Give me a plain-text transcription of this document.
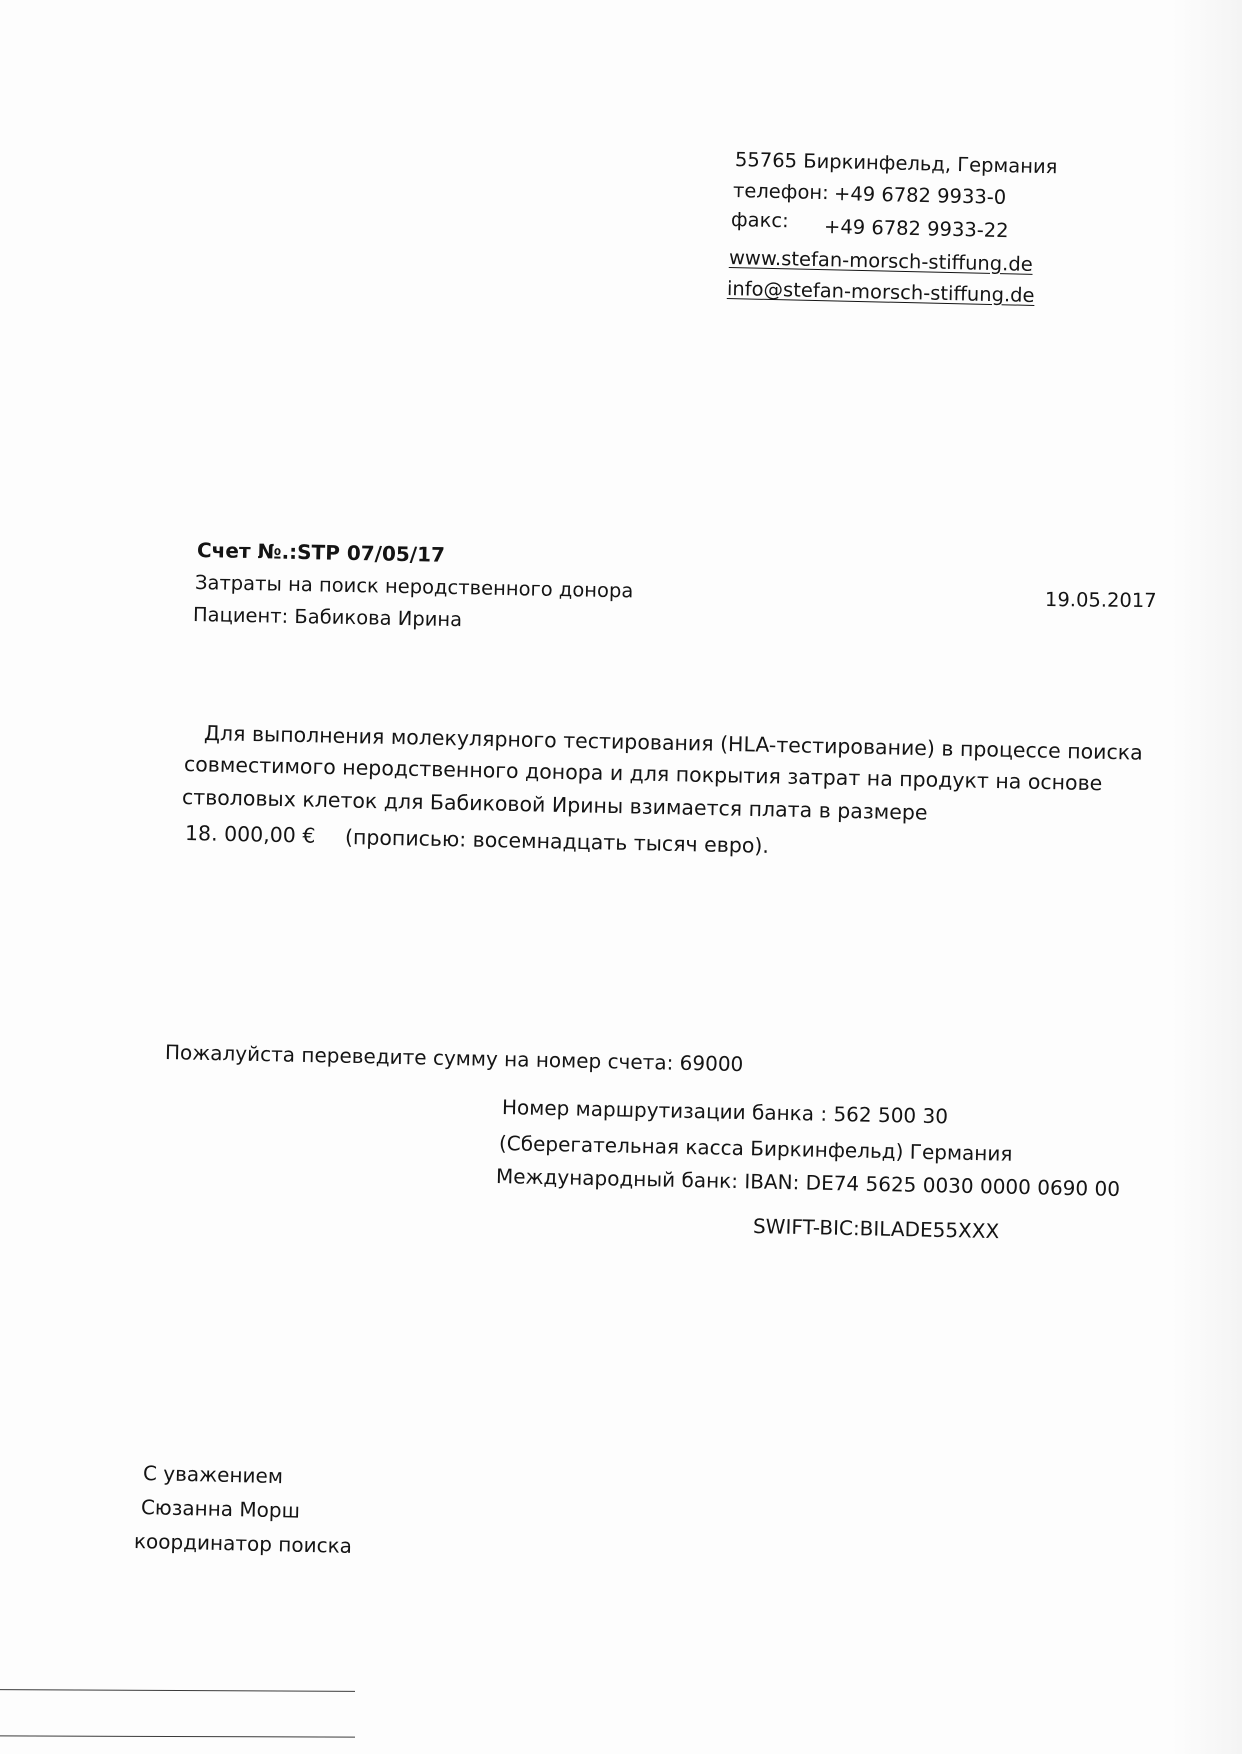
55765 Биркинфельд, Германия
телефон: +49 6782 9933-0
факс: +49 6782 9933-22
www.stefan-morsch-stiffung.de
info@stefan-morsch-stiffung.de
Счет №.:STP 07/05/17
Затраты на поиск неродственного донора
Пациент: Бабикова Ирина
19.05.2017
Для выполнения молекулярного тестирования (HLA-тестирование) в процессе поиска
совместимого неродственного донора и для покрытия затрат на продукт на основе
стволовых клеток для Бабиковой Ирины взимается плата в размере
18. 000,00 € (прописью: восемнадцать тысяч евро).
Пожалуйста переведите сумму на номер счета: 69000
Номер маршрутизации банка : 562 500 30
(Сберегательная касса Биркинфельд) Германия
Международный банк: IBAN: DE74 5625 0030 0000 0690 00
SWIFT-BIC:BILADE55XXX
С уважением
Сюзанна Морш
координатор поиска
